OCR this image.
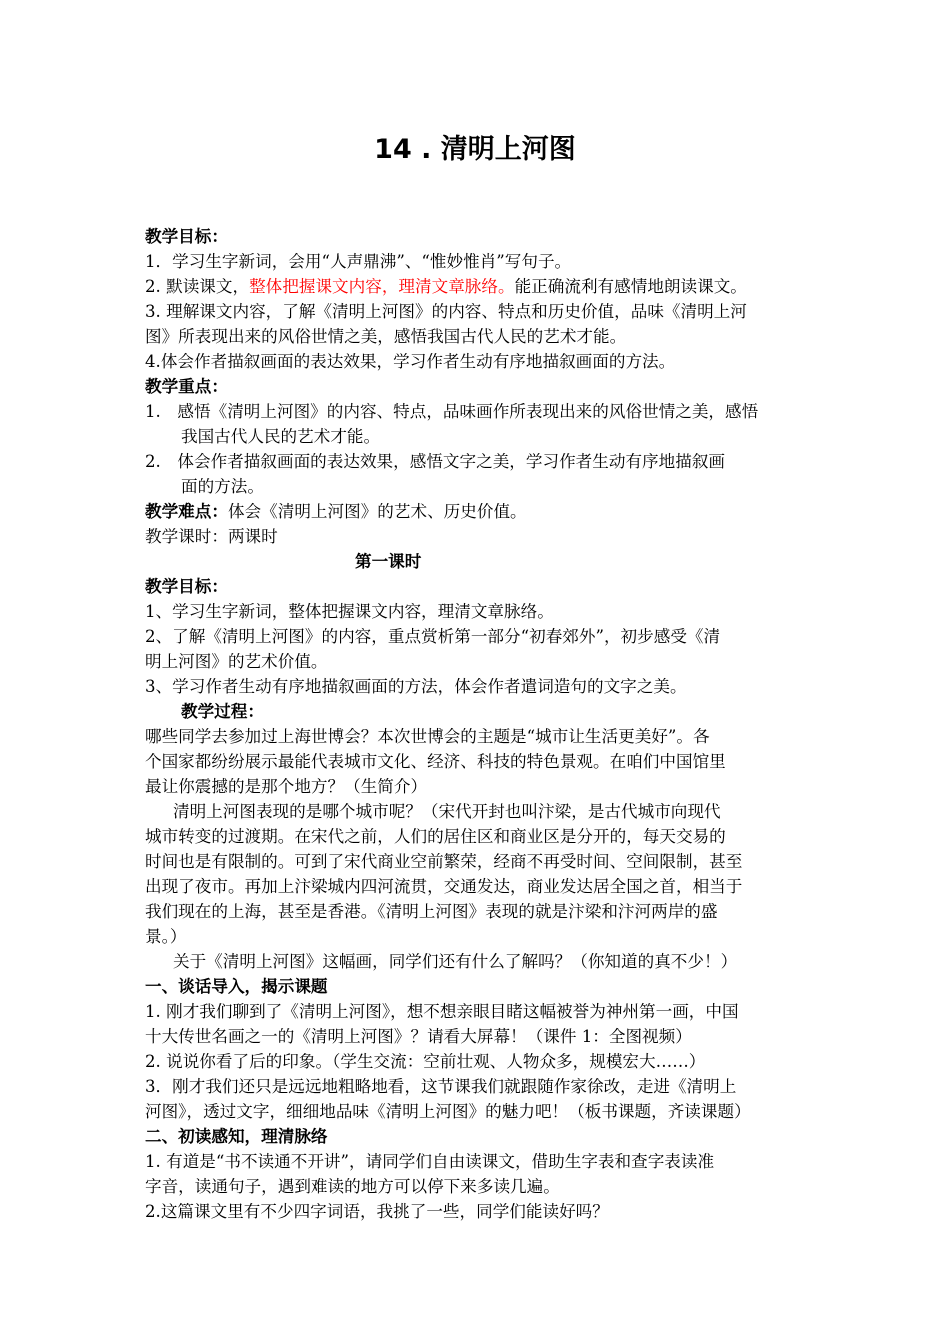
14 . 清明上河图
教学目标：
1．学习生字新词，会用“人声鼎沸”、“惟妙惟肖”写句子。
2. 默读课文，整体把握课文内容，理清文章脉络。能正确流利有感情地朗读课文。
3. 理解课文内容，了解《清明上河图》的内容、特点和历史价值，品味《清明上河
图》所表现出来的风俗世情之美，感悟我国古代人民的艺术才能。
4.体会作者描叙画面的表达效果，学习作者生动有序地描叙画面的方法。
教学重点：
1.　感悟《清明上河图》的内容、特点，品味画作所表现出来的风俗世情之美，感悟
我国古代人民的艺术才能。
2.　体会作者描叙画面的表达效果，感悟文字之美，学习作者生动有序地描叙画
面的方法。
教学难点：体会《清明上河图》的艺术、历史价值。
教学课时：两课时
第一课时
教学目标：
1、学习生字新词，整体把握课文内容，理清文章脉络。
2、了解《清明上河图》的内容，重点赏析第一部分“初春郊外”，初步感受《清
明上河图》的艺术价值。
3、学习作者生动有序地描叙画面的方法，体会作者遣词造句的文字之美。
教学过程：
哪些同学去参加过上海世博会？本次世博会的主题是“城市让生活更美好”。各
个国家都纷纷展示最能代表城市文化、经济、科技的特色景观。在咱们中国馆里
最让你震撼的是那个地方？（生简介）
清明上河图表现的是哪个城市呢？（宋代开封也叫汴梁，是古代城市向现代
城市转变的过渡期。在宋代之前，人们的居住区和商业区是分开的，每天交易的
时间也是有限制的。可到了宋代商业空前繁荣，经商不再受时间、空间限制，甚至
出现了夜市。再加上汴梁城内四河流贯，交通发达，商业发达居全国之首，相当于
我们现在的上海，甚至是香港。《清明上河图》表现的就是汴梁和汴河两岸的盛
景。）
关于《清明上河图》这幅画，同学们还有什么了解吗？（你知道的真不少！）
一、谈话导入，揭示课题
1. 刚才我们聊到了《清明上河图》，想不想亲眼目睹这幅被誉为神州第一画，中国
十大传世名画之一的《清明上河图》？请看大屏幕！（课件 1：全图视频）
2. 说说你看了后的印象。（学生交流：空前壮观、人物众多，规模宏大……）
3．刚才我们还只是远远地粗略地看，这节课我们就跟随作家徐改，走进《清明上
河图》，透过文字，细细地品味《清明上河图》的魅力吧！（板书课题，齐读课题）
二、初读感知，理清脉络
1. 有道是“书不读通不开讲”，请同学们自由读课文，借助生字表和查字表读准
字音，读通句子，遇到难读的地方可以停下来多读几遍。
2.这篇课文里有不少四字词语，我挑了一些，同学们能读好吗？
